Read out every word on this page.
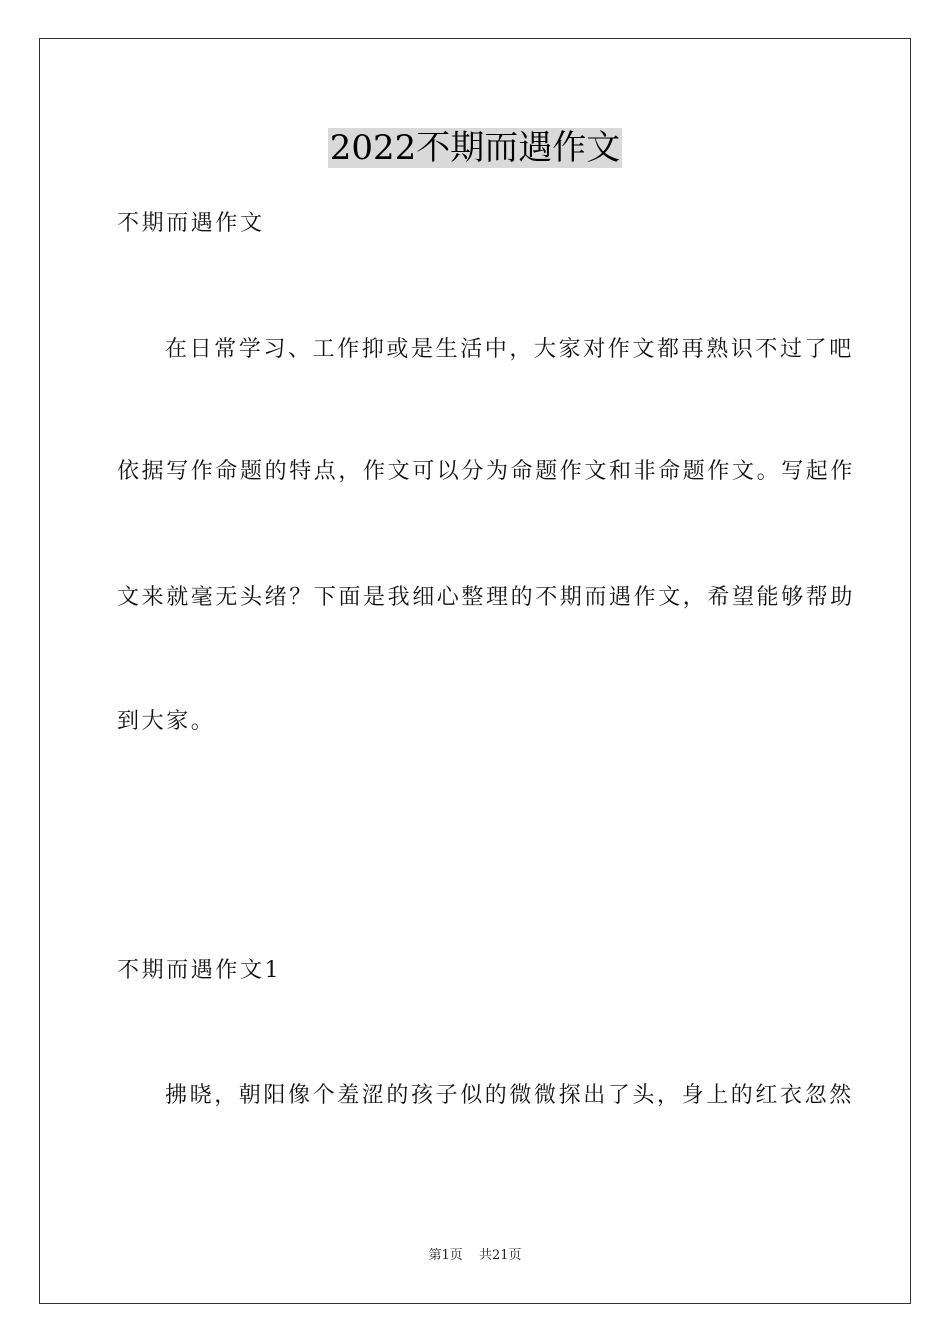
2022不期而遇作文
不期而遇作文
在日常学习、工作抑或是生活中，大家对作文都再熟识不过了吧
依据写作命题的特点，作文可以分为命题作文和非命题作文。写起作
文来就毫无头绪？下面是我细心整理的不期而遇作文，希望能够帮助
到大家。
不期而遇作文1
拂晓，朝阳像个羞涩的孩子似的微微探出了头，身上的红衣忽然
第1页 共21页
